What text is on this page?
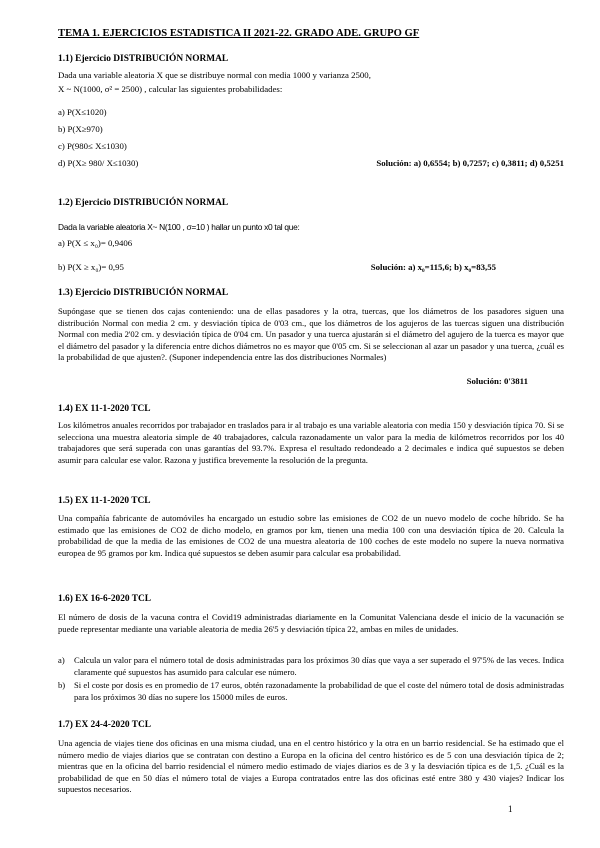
TEMA 1. EJERCICIOS ESTADISTICA II 2021-22. GRADO ADE. GRUPO GF
1.1) Ejercicio DISTRIBUCIÓN NORMAL
Dada una variable aleatoria X que se distribuye normal con media 1000 y varianza 2500,
X ~ N(1000, σ² = 2500) , calcular las siguientes probabilidades:
a) P(X≤1020)
b) P(X≥970)
c) P(980≤ X≤1030)
d) P(X≥ 980/ X≤1030)	Solución: a) 0,6554; b) 0,7257; c) 0,3811; d) 0,5251
1.2) Ejercicio DISTRIBUCIÓN NORMAL
Dada la variable aleatoria X~ N(100 , σ=10 ) hallar un punto x0 tal que:
a) P(X ≤ x₀)= 0,9406
b) P(X ≥ x₀)= 0,95	Solución: a) x₀=115,6; b) x₀=83,55
1.3) Ejercicio DISTRIBUCIÓN NORMAL
Supóngase que se tienen dos cajas conteniendo: una de ellas pasadores y la otra, tuercas, que los diámetros de los pasadores siguen una distribución Normal con media 2 cm. y desviación típica de 0'03 cm., que los diámetros de los agujeros de las tuercas siguen una distribución Normal con media 2'02 cm. y desviación típica de 0'04 cm. Un pasador y una tuerca ajustarán si el diámetro del agujero de la tuerca es mayor que el diámetro del pasador y la diferencia entre dichos diámetros no es mayor que 0'05 cm. Si se seleccionan al azar un pasador y una tuerca, ¿cuál es la probabilidad de que ajusten?. (Suponer independencia entre las dos distribuciones Normales)
Solución: 0'3811
1.4) EX 11-1-2020 TCL
Los kilómetros anuales recorridos por trabajador en traslados para ir al trabajo es una variable aleatoria con media 150 y desviación típica 70. Si se selecciona una muestra aleatoria simple de 40 trabajadores, calcula razonadamente un valor para la media de kilómetros recorridos por los 40 trabajadores que será superada con unas garantías del 93.7%. Expresa el resultado redondeado a 2 decimales e indica qué supuestos se deben asumir para calcular ese valor. Razona y justifica brevemente la resolución de la pregunta.
1.5) EX 11-1-2020 TCL
Una compañía fabricante de automóviles ha encargado un estudio sobre las emisiones de CO2 de un nuevo modelo de coche híbrido. Se ha estimado que las emisiones de CO2 de dicho modelo, en gramos por km, tienen una media 100 con una desviación típica de 20. Calcula la probabilidad de que la media de las emisiones de CO2 de una muestra aleatoria de 100 coches de este modelo no supere la nueva normativa europea de 95 gramos por km. Indica qué supuestos se deben asumir para calcular esa probabilidad.
1.6) EX 16-6-2020 TCL
El número de dosis de la vacuna contra el Covid19 administradas diariamente en la Comunitat Valenciana desde el inicio de la vacunación se puede representar mediante una variable aleatoria de media 26'5 y desviación típica 22, ambas en miles de unidades.
a) Calcula un valor para el número total de dosis administradas para los próximos 30 días que vaya a ser superado el 97'5% de las veces. Indica claramente qué supuestos has asumido para calcular ese número.
b) Si el coste por dosis es en promedio de 17 euros, obtén razonadamente la probabilidad de que el coste del número total de dosis administradas para los próximos 30 días no supere los 15000 miles de euros.
1.7) EX 24-4-2020 TCL
Una agencia de viajes tiene dos oficinas en una misma ciudad, una en el centro histórico y la otra en un barrio residencial. Se ha estimado que el número medio de viajes diarios que se contratan con destino a Europa en la oficina del centro histórico es de 5 con una desviación típica de 2; mientras que en la oficina del barrio residencial el número medio estimado de viajes diarios es de 3 y la desviación típica es de 1,5. ¿Cuál es la probabilidad de que en 50 días el número total de viajes a Europa contratados entre las dos oficinas esté entre 380 y 430 viajes? Indicar los supuestos necesarios.
1
